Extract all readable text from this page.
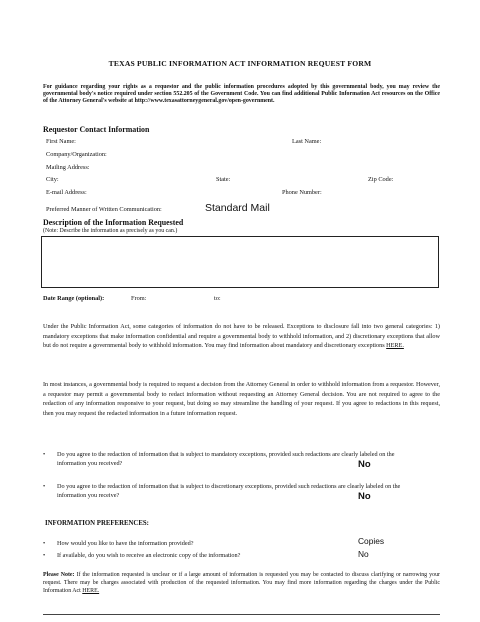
TEXAS PUBLIC INFORMATION ACT INFORMATION REQUEST FORM
For guidance regarding your rights as a requestor and the public information procedures adopted by this governmental body, you may review the governmental body's notice required under section 552.205 of the Government Code. You can find additional Public Information Act resources on the Office of the Attorney General's website at http://www.texasattorneygeneral.gov/open-government.
Requestor Contact Information
First Name:	Last Name:
Company/Organization:
Mailing Address:
City:	State:	Zip Code:
E-mail Address:	Phone Number:
Preferred Manner of Written Communication:	Standard Mail
Description of the Information Requested
(Note: Describe the information as precisely as you can.)
Date Range (optional):	From:	to:
Under the Public Information Act, some categories of information do not have to be released. Exceptions to disclosure fall into two general categories: 1) mandatory exceptions that make information confidential and require a governmental body to withhold information, and 2) discretionary exceptions that allow but do not require a governmental body to withhold information. You may find information about mandatory and discretionary exceptions HERE.
In most instances, a governmental body is required to request a decision from the Attorney General in order to withhold information from a requestor. However, a requestor may permit a governmental body to redact information without requesting an Attorney General decision. You are not required to agree to the redaction of any information responsive to your request, but doing so may streamline the handling of your request. If you agree to redactions in this request, then you may request the redacted information in a future information request.
• Do you agree to the redaction of information that is subject to mandatory exceptions, provided such redactions are clearly labeled on the information you received?	No
• Do you agree to the redaction of information that is subject to discretionary exceptions, provided such redactions are clearly labeled on the information you receive?	No
INFORMATION PREFERENCES:
• How would you like to have the information provided?	Copies
• If available, do you wish to receive an electronic copy of the information?	No
Please Note: If the information requested is unclear or if a large amount of information is requested you may be contacted to discuss clarifying or narrowing your request. There may be charges associated with production of the requested information. You may find more information regarding the charges under the Public Information Act HERE.
